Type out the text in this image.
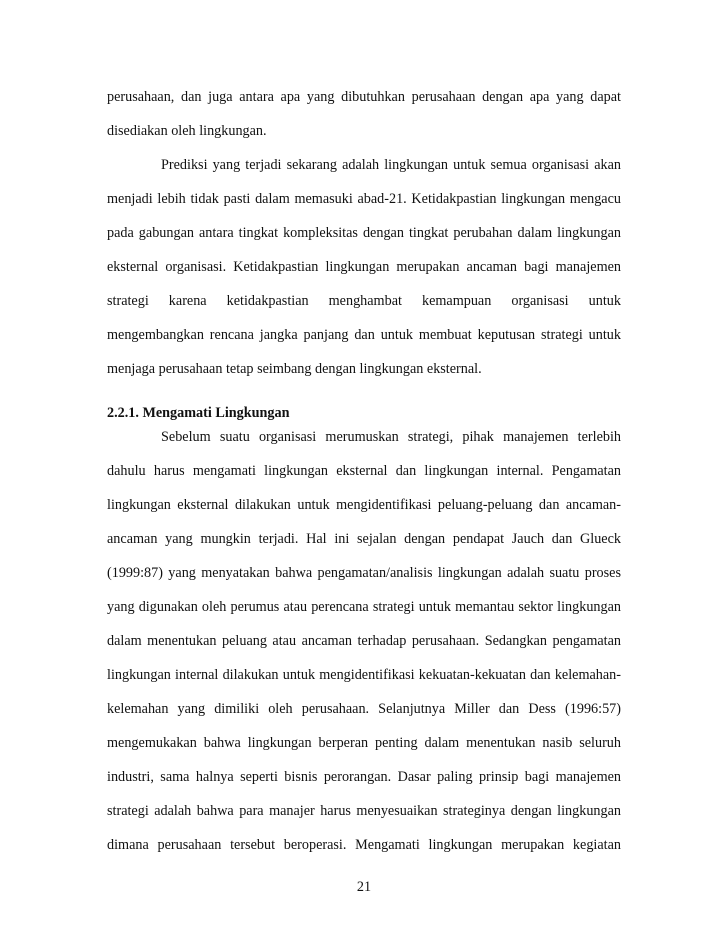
perusahaan, dan juga antara apa yang dibutuhkan perusahaan dengan apa yang dapat
disediakan oleh lingkungan.
Prediksi yang terjadi sekarang adalah lingkungan untuk semua organisasi akan
menjadi lebih tidak pasti dalam memasuki abad-21. Ketidakpastian lingkungan mengacu
pada gabungan antara tingkat kompleksitas dengan tingkat perubahan dalam lingkungan
eksternal organisasi. Ketidakpastian lingkungan merupakan ancaman bagi manajemen
strategi karena ketidakpastian menghambat kemampuan organisasi untuk
mengembangkan rencana jangka panjang dan untuk membuat keputusan strategi untuk
menjaga perusahaan tetap seimbang dengan lingkungan eksternal.
2.2.1. Mengamati Lingkungan
Sebelum suatu organisasi merumuskan strategi, pihak manajemen terlebih
dahulu harus mengamati lingkungan eksternal dan lingkungan internal. Pengamatan
lingkungan eksternal dilakukan untuk mengidentifikasi peluang-peluang dan ancaman-
ancaman yang mungkin terjadi. Hal ini sejalan dengan pendapat Jauch dan Glueck
(1999:87) yang menyatakan bahwa pengamatan/analisis lingkungan adalah suatu proses
yang digunakan oleh perumus atau perencana strategi untuk memantau sektor lingkungan
dalam menentukan peluang atau ancaman terhadap perusahaan. Sedangkan pengamatan
lingkungan internal dilakukan untuk mengidentifikasi kekuatan-kekuatan dan kelemahan-
kelemahan yang dimiliki oleh perusahaan. Selanjutnya Miller dan Dess (1996:57)
mengemukakan bahwa lingkungan berperan penting dalam menentukan nasib seluruh
industri, sama halnya seperti bisnis perorangan. Dasar paling prinsip bagi manajemen
strategi adalah bahwa para manajer harus menyesuaikan strateginya dengan lingkungan
dimana perusahaan tersebut beroperasi. Mengamati lingkungan merupakan kegiatan
21
